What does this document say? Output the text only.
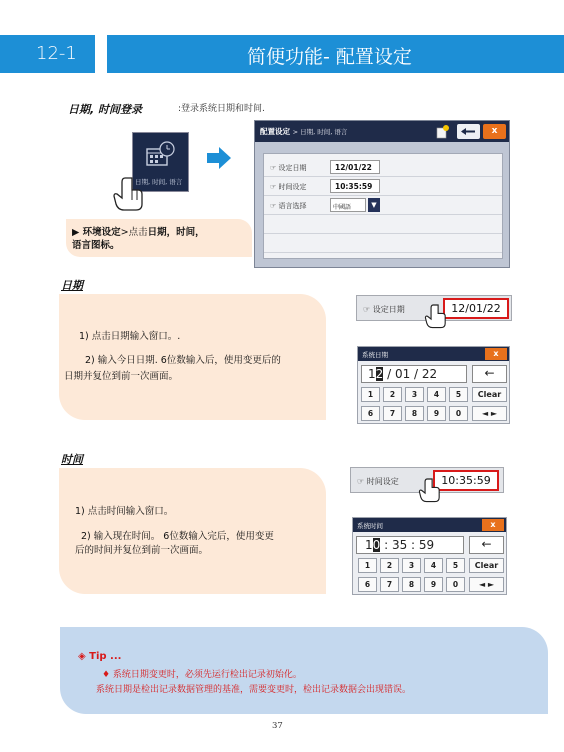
12-1	简便功能- 配置设定
日期, 时间登录	:登录系统日期和时间.
日期, 时间, 语言
▶ 环境设定>点击日期，时间，
语言图标。
配置设定 > 日期, 时间, 语言	x
☞ 设定日期	12/01/22
☞ 时间设定	10:35:59
☞ 语言选择	中國語	▼
日期
1) 点击日期输入窗口。.
2) 输入今日日期. 6位数输入后，使用变更后的
日期并复位到前一次画面。
☞ 设定日期	12/01/22
系统日期	x
12 / 01 / 22	←
1	2	3	4	5	Clear
6	7	8	9	0	◄ ►
时间
1) 点击时间输入窗口。
2) 输入现在时间。 6位数输入完后，使用变更
后的时间并复位到前一次画面。
☞ 时间设定	10:35:59
系统时间	x
10 : 35 : 59	←
1	2	3	4	5	Clear
6	7	8	9	0	◄ ►
◈ Tip ...
♦ 系统日期变更时，必须先运行检出记录初始化。
系统日期是检出记录数据管理的基准，需要变更时，检出记录数据会出现错误。
37
